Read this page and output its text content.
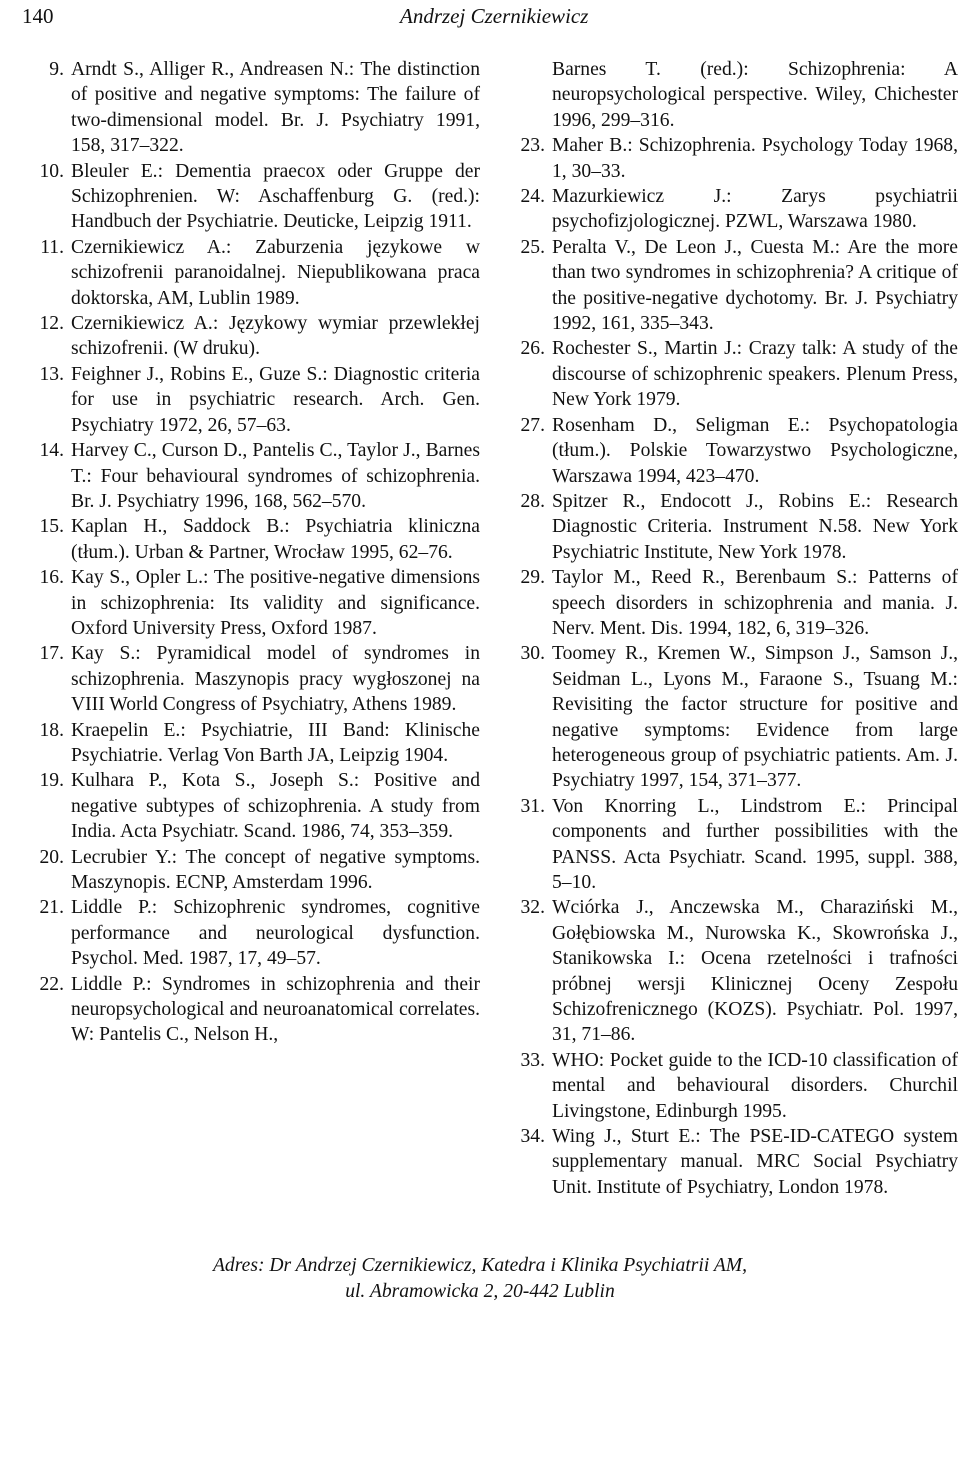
140	Andrzej Czernikiewicz

9. Arndt S., Alliger R., Andreasen N.: The distinction of positive and negative symptoms: The failure of two-dimensional model. Br. J. Psychiatry 1991, 158, 317–322.

10. Bleuler E.: Dementia praecox oder Gruppe der Schizophrenien. W: Aschaffenburg G. (red.): Handbuch der Psychiatrie. Deuticke, Leipzig 1911.

11. Czernikiewicz A.: Zaburzenia językowe w schizofrenii paranoidalnej. Niepublikowana praca doktorska, AM, Lublin 1989.

12. Czernikiewicz A.: Językowy wymiar przewlekłej schizofrenii. (W druku).

13. Feighner J., Robins E., Guze S.: Diagnostic criteria for use in psychiatric research. Arch. Gen. Psychiatry 1972, 26, 57–63.

14. Harvey C., Curson D., Pantelis C., Taylor J., Barnes T.: Four behavioural syndromes of schizophrenia. Br. J. Psychiatry 1996, 168, 562–570.

15. Kaplan H., Saddock B.: Psychiatria kliniczna (tłum.). Urban & Partner, Wrocław 1995, 62–76.

16. Kay S., Opler L.: The positive-negative dimensions in schizophrenia: Its validity and significance. Oxford University Press, Oxford 1987.

17. Kay S.: Pyramidical model of syndromes in schizophrenia. Maszynopis pracy wygłoszonej na VIII World Congress of Psychiatry, Athens 1989.

18. Kraepelin E.: Psychiatrie, III Band: Klinische Psychiatrie. Verlag Von Barth JA, Leipzig 1904.

19. Kulhara P., Kota S., Joseph S.: Positive and negative subtypes of schizophrenia. A study from India. Acta Psychiatr. Scand. 1986, 74, 353–359.

20. Lecrubier Y.: The concept of negative symptoms. Maszynopis. ECNP, Amsterdam 1996.

21. Liddle P.: Schizophrenic syndromes, cognitive performance and neurological dysfunction. Psychol. Med. 1987, 17, 49–57.

22. Liddle P.: Syndromes in schizophrenia and their neuropsychological and neuroanatomical correlates. W: Pantelis C., Nelson H.,

Barnes T. (red.): Schizophrenia: A neuropsychological perspective. Wiley, Chichester 1996, 299–316.

23. Maher B.: Schizophrenia. Psychology Today 1968, 1, 30–33.

24. Mazurkiewicz J.: Zarys psychiatrii psychofizjologicznej. PZWL, Warszawa 1980.

25. Peralta V., De Leon J., Cuesta M.: Are the more than two syndromes in schizophrenia? A critique of the positive-negative dychotomy. Br. J. Psychiatry 1992, 161, 335–343.

26. Rochester S., Martin J.: Crazy talk: A study of the discourse of schizophrenic speakers. Plenum Press, New York 1979.

27. Rosenham D., Seligman E.: Psychopatologia (tłum.). Polskie Towarzystwo Psychologiczne, Warszawa 1994, 423–470.

28. Spitzer R., Endocott J., Robins E.: Research Diagnostic Criteria. Instrument N.58. New York Psychiatric Institute, New York 1978.

29. Taylor M., Reed R., Berenbaum S.: Patterns of speech disorders in schizophrenia and mania. J. Nerv. Ment. Dis. 1994, 182, 6, 319–326.

30. Toomey R., Kremen W., Simpson J., Samson J., Seidman L., Lyons M., Faraone S., Tsuang M.: Revisiting the factor structure for positive and negative symptoms: Evidence from large heterogeneous group of psychiatric patients. Am. J. Psychiatry 1997, 154, 371–377.

31. Von Knorring L., Lindstrom E.: Principal components and further possibilities with the PANSS. Acta Psychiatr. Scand. 1995, suppl. 388, 5–10.

32. Wciórka J., Anczewska M., Charaziński M., Gołębiowska M., Nurowska K., Skowrońska J., Stanikowska I.: Ocena rzetelności i trafności próbnej wersji Klinicznej Oceny Zespołu Schizofrenicznego (KOZS). Psychiatr. Pol. 1997, 31, 71–86.

33. WHO: Pocket guide to the ICD-10 classification of mental and behavioural disorders. Churchil Livingstone, Edinburgh 1995.

34. Wing J., Sturt E.: The PSE-ID-CATEGO system supplementary manual. MRC Social Psychiatry Unit. Institute of Psychiatry, London 1978.

Adres: Dr Andrzej Czernikiewicz, Katedra i Klinika Psychiatrii AM,
ul. Abramowicka 2, 20-442 Lublin
